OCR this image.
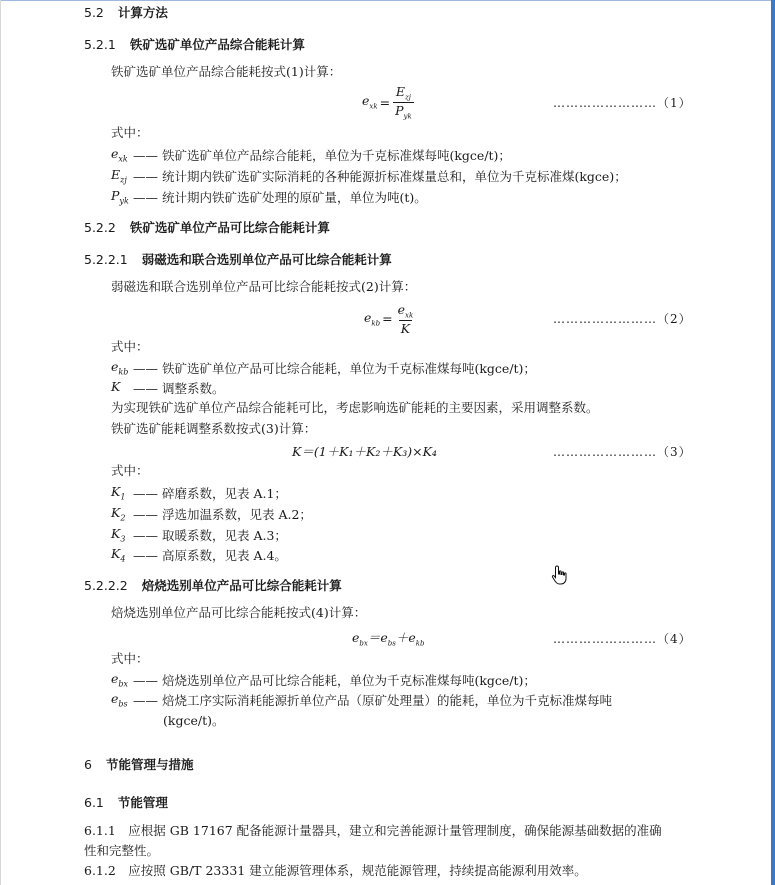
5.2 计算方法
5.2.1 铁矿选矿单位产品综合能耗计算
铁矿选矿单位产品综合能耗按式(1)计算：
$e_{xk} = \frac{E_{zj}}{P_{yk}}$	……………………（1）
式中：
$e_{xk}$ —— 铁矿选矿单位产品综合能耗，单位为千克标准煤每吨(kgce/t)；
$E_{zj}$ —— 统计期内铁矿选矿实际消耗的各种能源折标准煤量总和，单位为千克标准煤(kgce)；
$P_{yk}$ —— 统计期内铁矿选矿处理的原矿量，单位为吨(t)。
5.2.2 铁矿选矿单位产品可比综合能耗计算
5.2.2.1 弱磁选和联合选别单位产品可比综合能耗计算
弱磁选和联合选别单位产品可比综合能耗按式(2)计算：
$e_{kb} = \frac{e_{xk}}{K}$	……………………（2）
式中：
$e_{kb}$ —— 铁矿选矿单位产品可比综合能耗，单位为千克标准煤每吨(kgce/t)；
K —— 调整系数。
为实现铁矿选矿单位产品综合能耗可比，考虑影响选矿能耗的主要因素，采用调整系数。
铁矿选矿能耗调整系数按式(3)计算：
K＝(1＋K₁＋K₂＋K₃)×K₄	……………………（3）
式中：
$K_1$ —— 碎磨系数，见表 A.1；
$K_2$ —— 浮选加温系数，见表 A.2；
$K_3$ —— 取暖系数，见表 A.3；
$K_4$ —— 高原系数，见表 A.4。
5.2.2.2 焙烧选别单位产品可比综合能耗计算
焙烧选别单位产品可比综合能耗按式(4)计算：
$e_{bx}=e_{bs}+e_{kb}$	……………………（4）
式中：
$e_{bx}$ —— 焙烧选别单位产品可比综合能耗，单位为千克标准煤每吨(kgce/t)；
$e_{bs}$ —— 焙烧工序实际消耗能源折单位产品（原矿处理量）的能耗，单位为千克标准煤每吨
(kgce/t)。
6 节能管理与措施
6.1 节能管理
6.1.1　应根据 GB 17167 配备能源计量器具，建立和完善能源计量管理制度，确保能源基础数据的准确
性和完整性。
6.1.2　应按照 GB/T 23331 建立能源管理体系，规范能源管理，持续提高能源利用效率。
